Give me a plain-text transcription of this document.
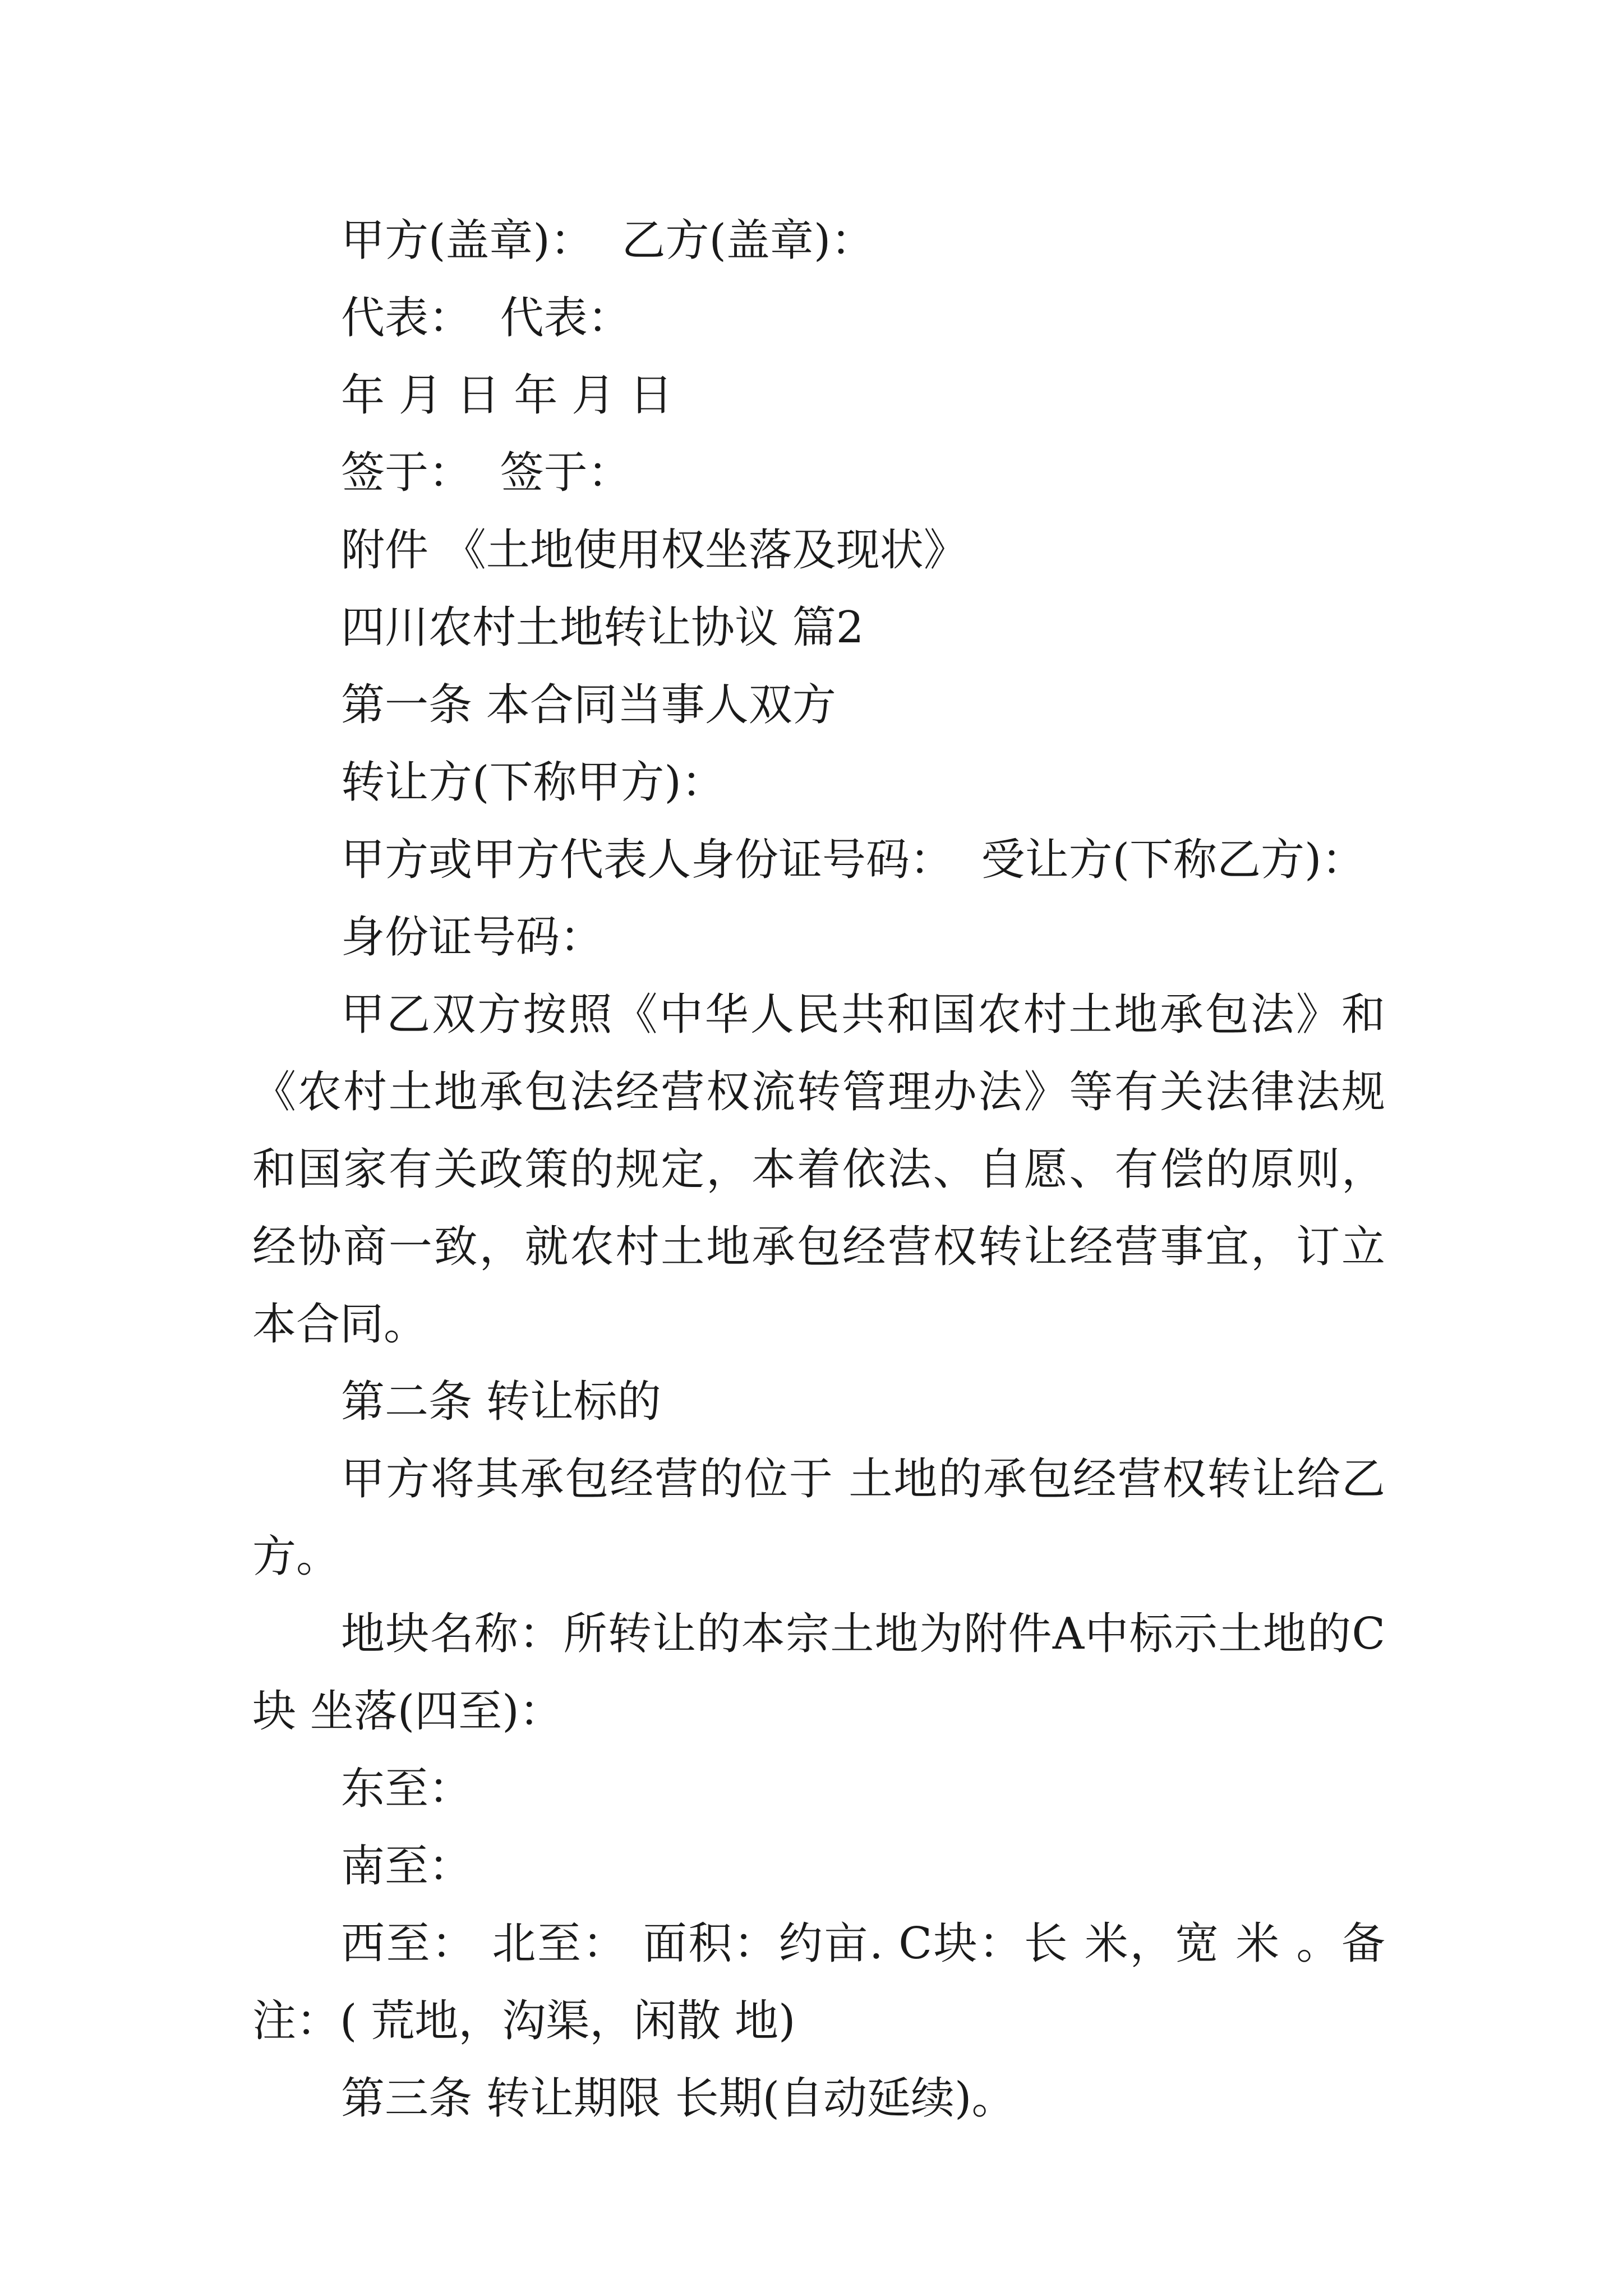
甲方(盖章)： 乙方(盖章)：

代表： 代表：

年 月 日 年 月 日

签于： 签于：

附件 《土地使用权坐落及现状》

四川农村土地转让协议 篇2

第一条 本合同当事人双方

转让方(下称甲方)：

甲方或甲方代表人身份证号码： 受让方(下称乙方)：

身份证号码：

甲乙双方按照《中华人民共和国农村土地承包法》和《农村土地承包法经营权流转管理办法》等有关法律法规和国家有关政策的规定，本着依法、自愿、有偿的原则，经协商一致，就农村土地承包经营权转让经营事宜，订立本合同。

第二条 转让标的

甲方将其承包经营的位于 土地的承包经营权转让给乙方。

地块名称：所转让的本宗土地为附件A中标示土地的C块 坐落(四至)：

东至：

南至：

西至： 北至： 面积：约亩. C块：长 米，宽 米 。备注：( 荒地，沟渠，闲散 地)

第三条 转让期限 长期(自动延续)。
